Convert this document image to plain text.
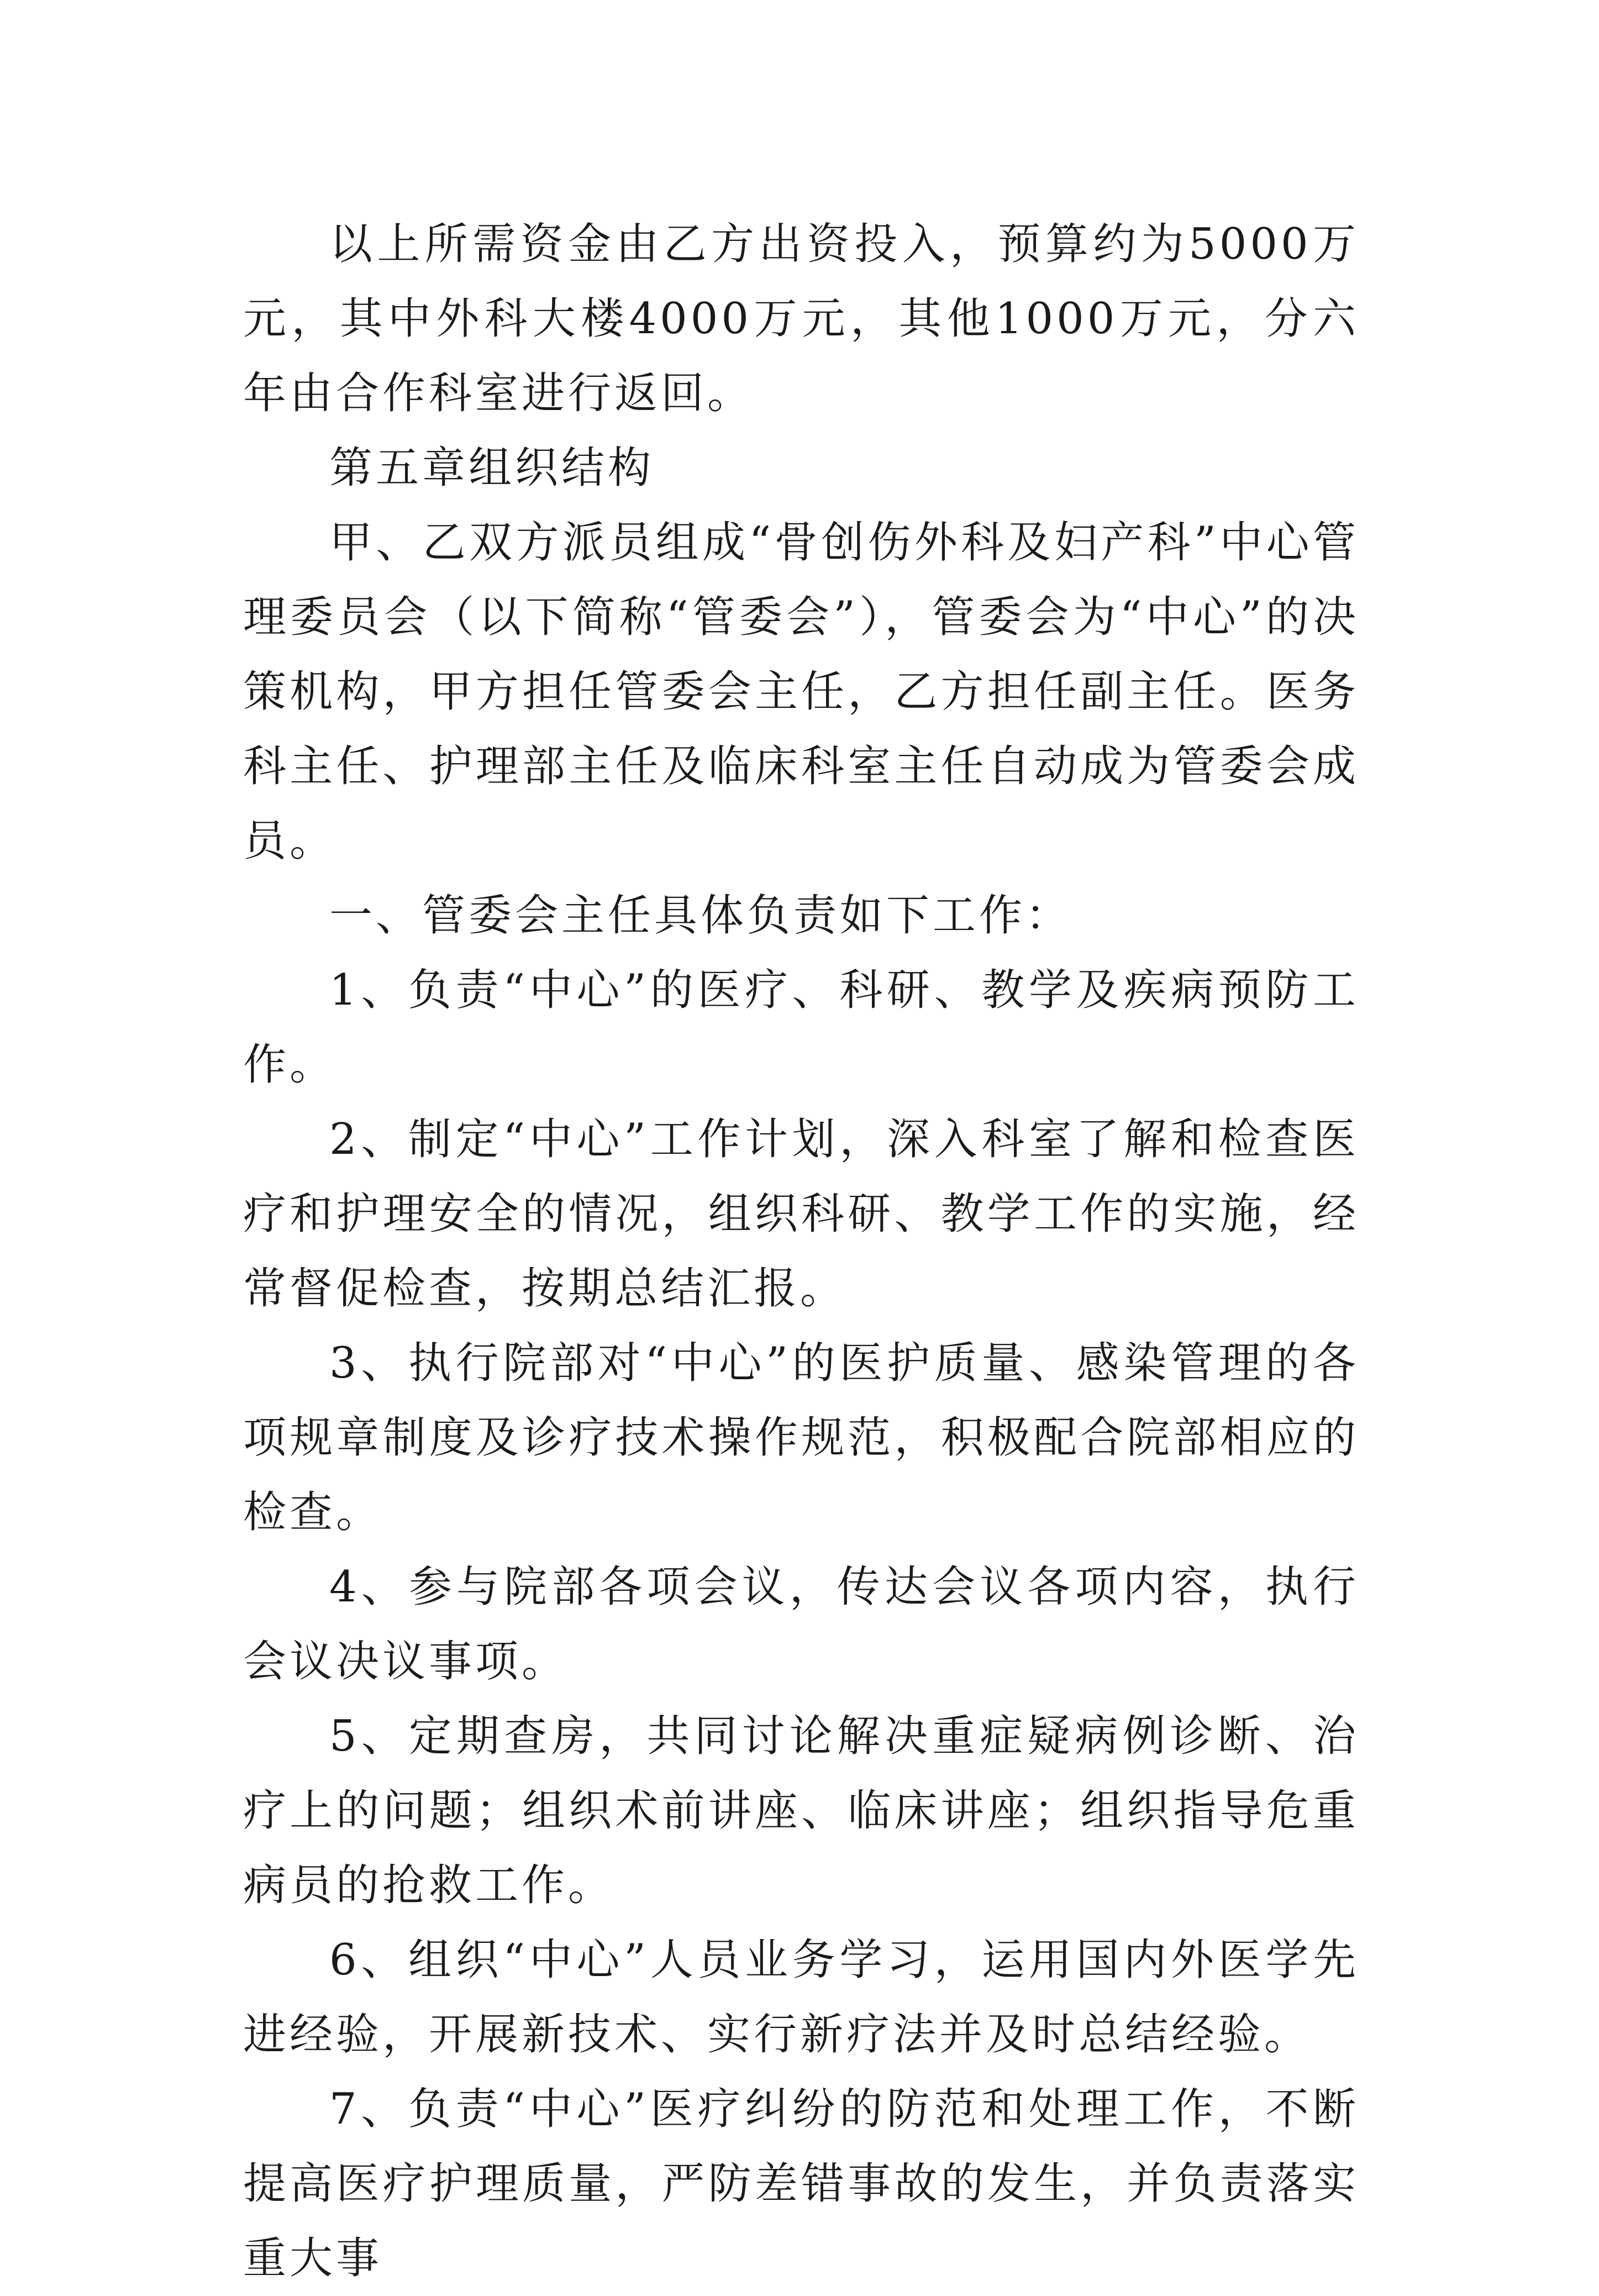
以上所需资金由乙方出资投入，预算约为5000万元，其中外科大楼4000万元，其他1000万元，分六年由合作科室进行返回。

第五章组织结构

甲、乙双方派员组成“骨创伤外科及妇产科”中心管理委员会（以下简称“管委会”），管委会为“中心”的决策机构，甲方担任管委会主任，乙方担任副主任。医务科主任、护理部主任及临床科室主任自动成为管委会成员。

一、管委会主任具体负责如下工作：

1、负责“中心”的医疗、科研、教学及疾病预防工作。

2、制定“中心”工作计划，深入科室了解和检查医疗和护理安全的情况，组织科研、教学工作的实施，经常督促检查，按期总结汇报。

3、执行院部对“中心”的医护质量、感染管理的各项规章制度及诊疗技术操作规范，积极配合院部相应的检查。

4、参与院部各项会议，传达会议各项内容，执行会议决议事项。

5、定期查房，共同讨论解决重症疑病例诊断、治疗上的问题；组织术前讲座、临床讲座；组织指导危重病员的抢救工作。

6、组织“中心”人员业务学习，运用国内外医学先进经验，开展新技术、实行新疗法并及时总结经验。

7、负责“中心”医疗纠纷的防范和处理工作，不断提高医疗护理质量，严防差错事故的发生，并负责落实重大事
